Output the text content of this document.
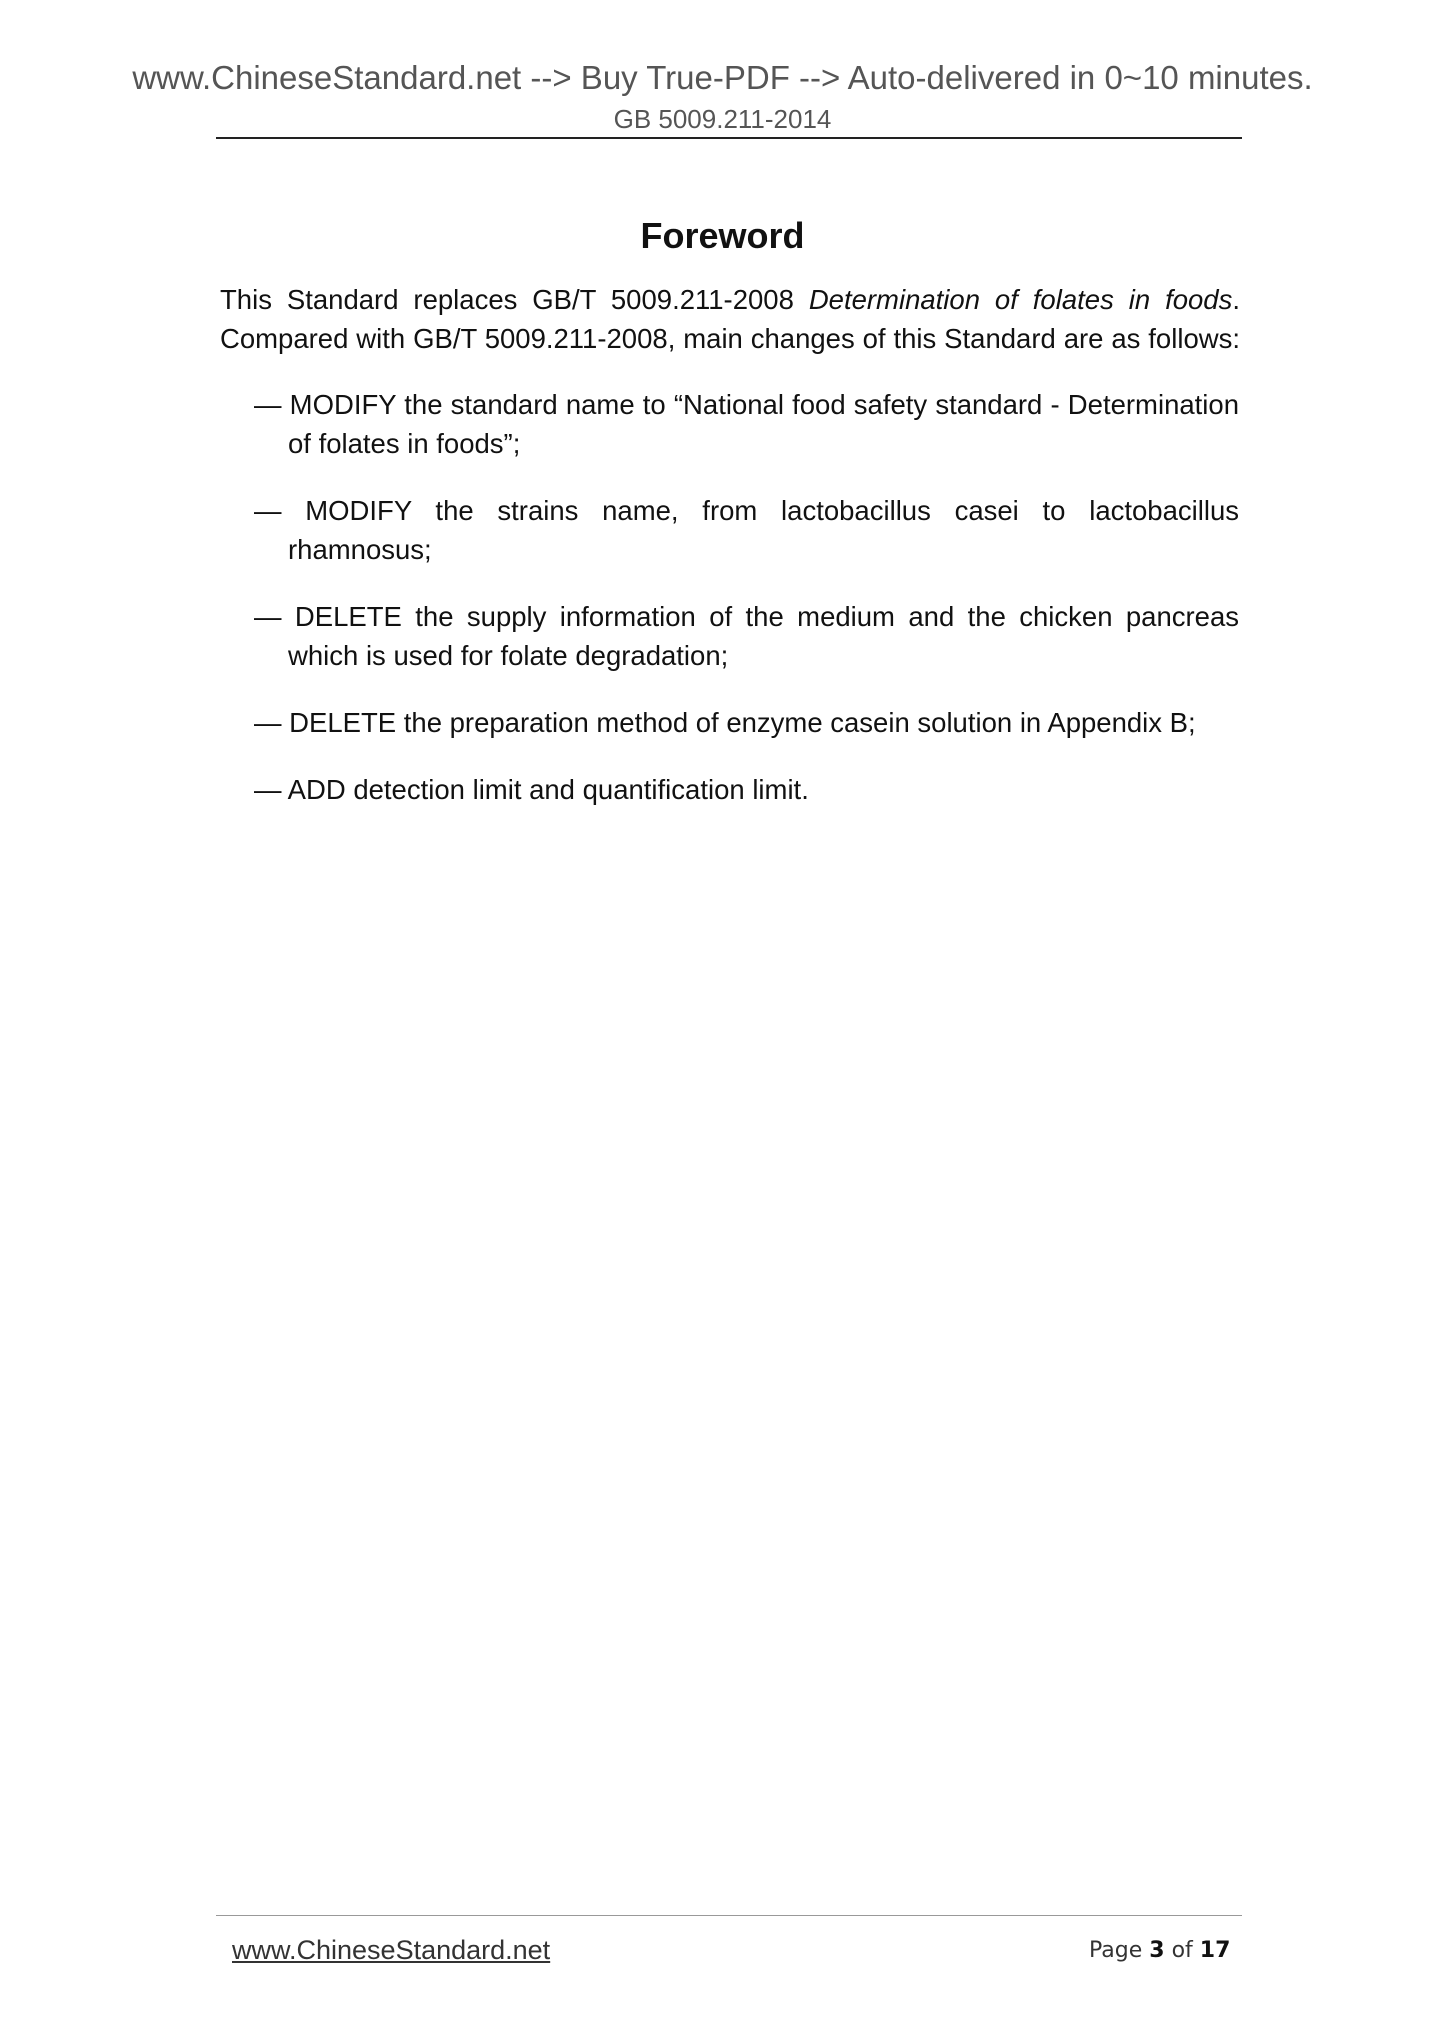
www.ChineseStandard.net --> Buy True-PDF --> Auto-delivered in 0~10 minutes.
GB 5009.211-2014
Foreword
This Standard replaces GB/T 5009.211-2008 Determination of folates in foods.
Compared with GB/T 5009.211-2008, main changes of this Standard are as follows:
— MODIFY the standard name to “National food safety standard - Determination of folates in foods”;
— MODIFY the strains name, from lactobacillus casei to lactobacillus rhamnosus;
— DELETE the supply information of the medium and the chicken pancreas which is used for folate degradation;
— DELETE the preparation method of enzyme casein solution in Appendix B;
— ADD detection limit and quantification limit.
www.ChineseStandard.net	Page 3 of 17
